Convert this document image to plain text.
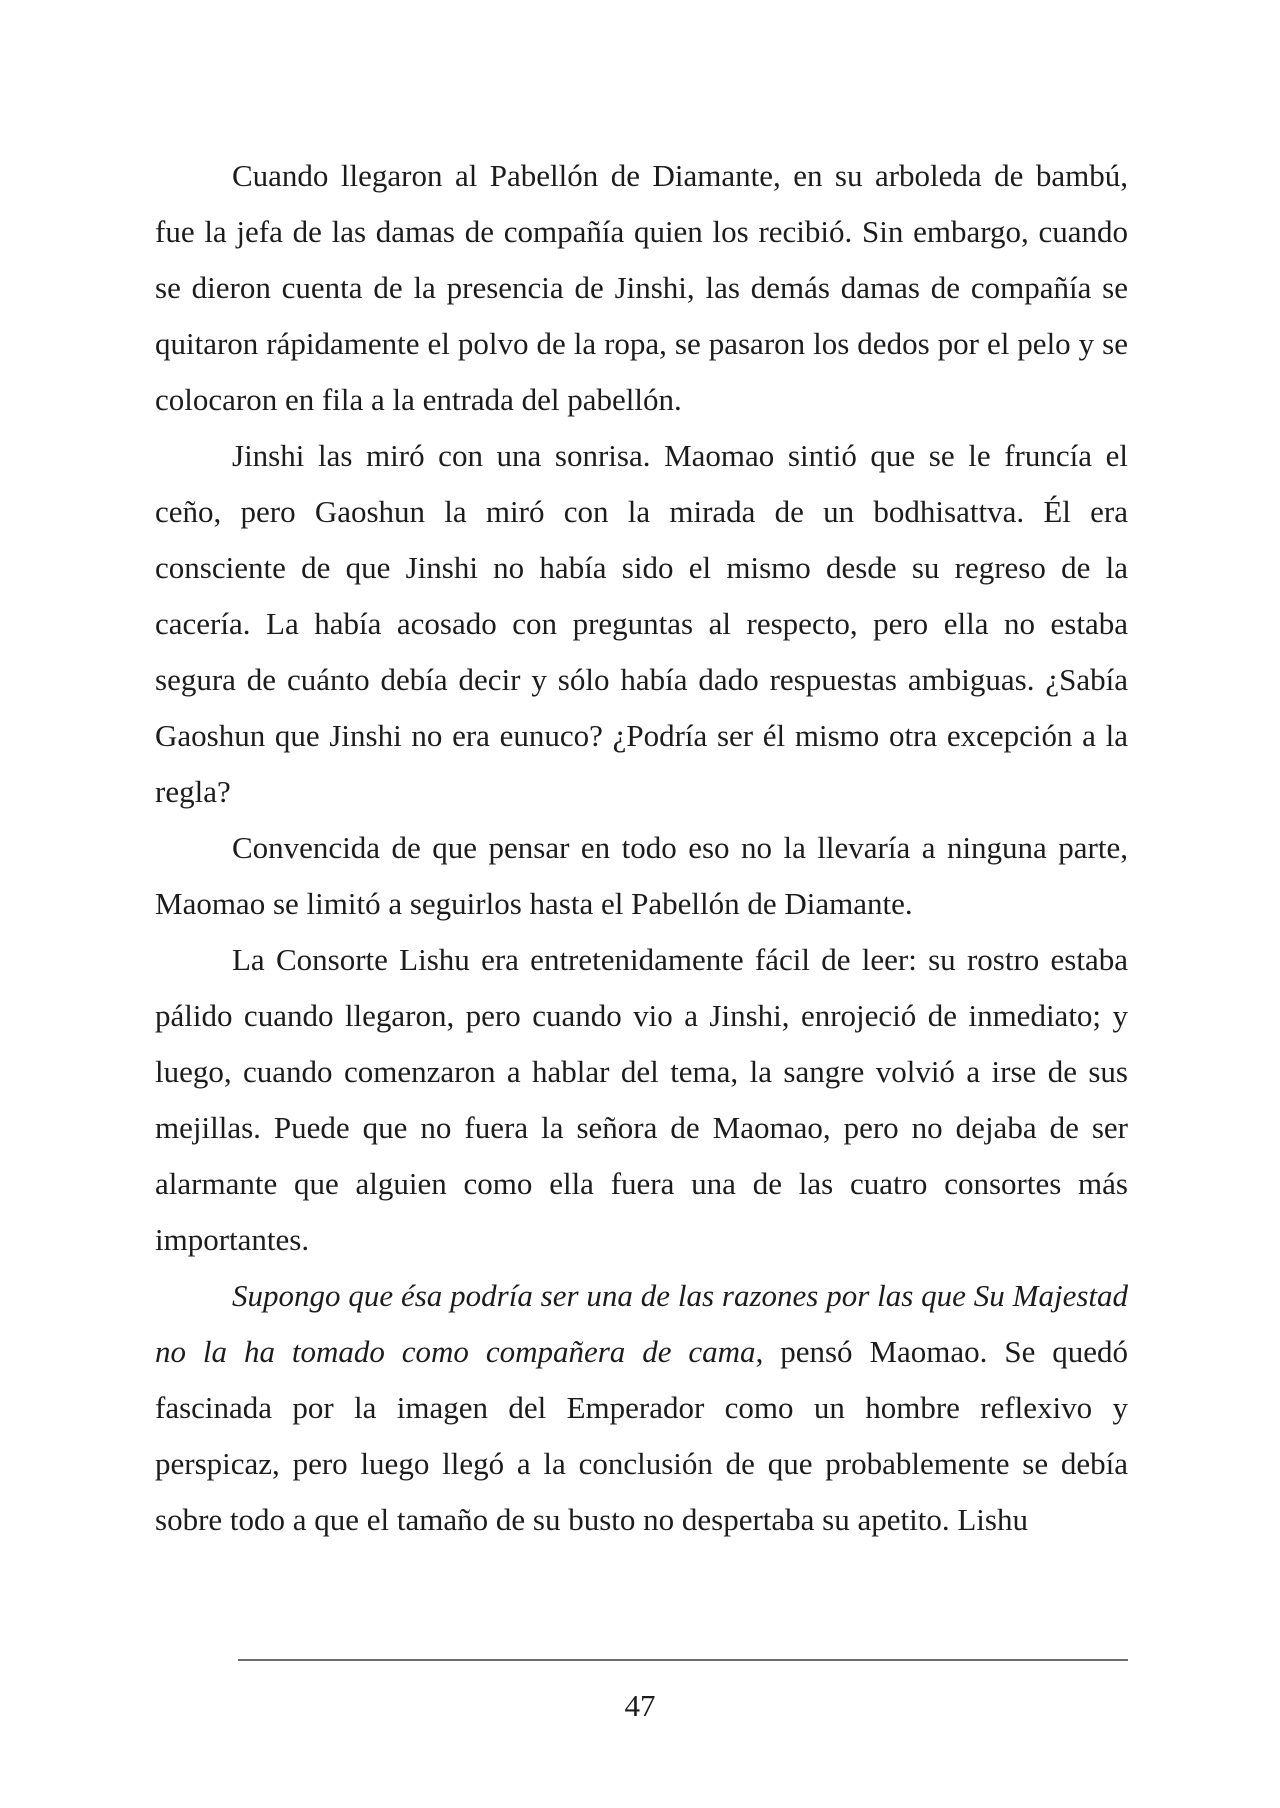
Cuando llegaron al Pabellón de Diamante, en su arboleda de bambú, fue la jefa de las damas de compañía quien los recibió. Sin embargo, cuando se dieron cuenta de la presencia de Jinshi, las demás damas de compañía se quitaron rápidamente el polvo de la ropa, se pasaron los dedos por el pelo y se colocaron en fila a la entrada del pabellón.

Jinshi las miró con una sonrisa. Maomao sintió que se le fruncía el ceño, pero Gaoshun la miró con la mirada de un bodhisattva. Él era consciente de que Jinshi no había sido el mismo desde su regreso de la cacería. La había acosado con preguntas al respecto, pero ella no estaba segura de cuánto debía decir y sólo había dado respuestas ambiguas. ¿Sabía Gaoshun que Jinshi no era eunuco? ¿Podría ser él mismo otra excepción a la regla?

Convencida de que pensar en todo eso no la llevaría a ninguna parte, Maomao se limitó a seguirlos hasta el Pabellón de Diamante.

La Consorte Lishu era entretenidamente fácil de leer: su rostro estaba pálido cuando llegaron, pero cuando vio a Jinshi, enrojeció de inmediato; y luego, cuando comenzaron a hablar del tema, la sangre volvió a irse de sus mejillas. Puede que no fuera la señora de Maomao, pero no dejaba de ser alarmante que alguien como ella fuera una de las cuatro consortes más importantes.

Supongo que ésa podría ser una de las razones por las que Su Majestad no la ha tomado como compañera de cama, pensó Maomao. Se quedó fascinada por la imagen del Emperador como un hombre reflexivo y perspicaz, pero luego llegó a la conclusión de que probablemente se debía sobre todo a que el tamaño de su busto no despertaba su apetito. Lishu

47
